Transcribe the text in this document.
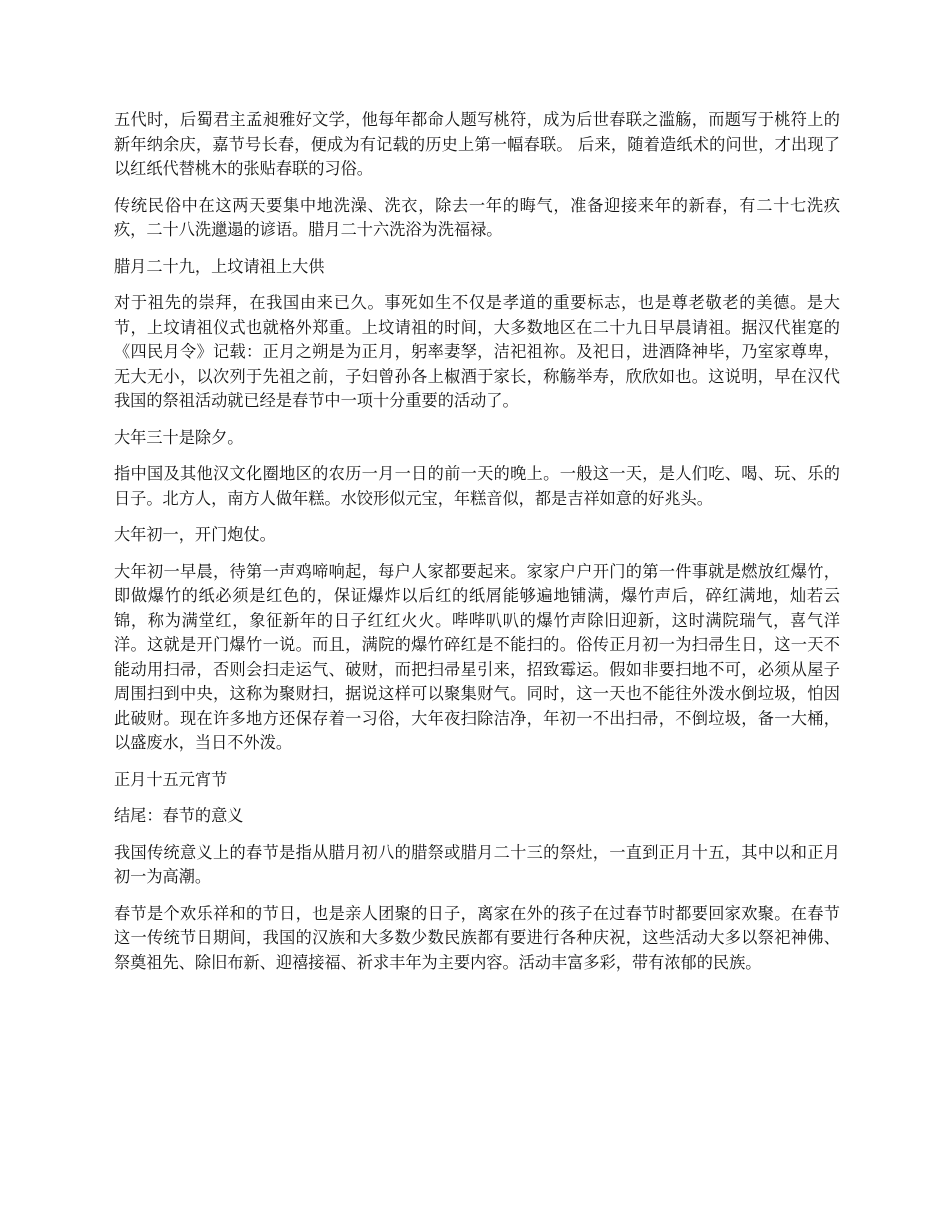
五代时，后蜀君主孟昶雅好文学，他每年都命人题写桃符，成为后世春联之滥觞，而题写于桃符上的新年纳余庆，嘉节号长春，便成为有记载的历史上第一幅春联。 后来，随着造纸术的问世，才出现了以红纸代替桃木的张贴春联的习俗。

传统民俗中在这两天要集中地洗澡、洗衣，除去一年的晦气，准备迎接来年的新春，有二十七洗疚疚，二十八洗邋遢的谚语。腊月二十六洗浴为洗福禄。

腊月二十九，上坟请祖上大供

对于祖先的崇拜，在我国由来已久。事死如生不仅是孝道的重要标志，也是尊老敬老的美德。是大节，上坟请祖仪式也就格外郑重。上坟请祖的时间，大多数地区在二十九日早晨请祖。据汉代崔寔的《四民月令》记载：正月之朔是为正月，躬率妻孥，洁祀祖祢。及祀日，进酒降神毕，乃室家尊卑，无大无小，以次列于先祖之前，子妇曾孙各上椒酒于家长，称觞举寿，欣欣如也。这说明，早在汉代我国的祭祖活动就已经是春节中一项十分重要的活动了。

大年三十是除夕。

指中国及其他汉文化圈地区的农历一月一日的前一天的晚上。一般这一天，是人们吃、喝、玩、乐的日子。北方人，南方人做年糕。水饺形似元宝，年糕音似，都是吉祥如意的好兆头。

大年初一，开门炮仗。

大年初一早晨，待第一声鸡啼响起，每户人家都要起来。家家户户开门的第一件事就是燃放红爆竹，即做爆竹的纸必须是红色的，保证爆炸以后红的纸屑能够遍地铺满，爆竹声后，碎红满地，灿若云锦，称为满堂红，象征新年的日子红红火火。哔哔叭叭的爆竹声除旧迎新，这时满院瑞气，喜气洋洋。这就是开门爆竹一说。而且，满院的爆竹碎红是不能扫的。俗传正月初一为扫帚生日，这一天不能动用扫帚，否则会扫走运气、破财，而把扫帚星引来，招致霉运。假如非要扫地不可，必须从屋子周围扫到中央，这称为聚财扫，据说这样可以聚集财气。同时，这一天也不能往外泼水倒垃圾，怕因此破财。现在许多地方还保存着一习俗，大年夜扫除洁净，年初一不出扫帚，不倒垃圾，备一大桶，以盛废水，当日不外泼。

正月十五元宵节

结尾：春节的意义

我国传统意义上的春节是指从腊月初八的腊祭或腊月二十三的祭灶，一直到正月十五，其中以和正月初一为高潮。

春节是个欢乐祥和的节日，也是亲人团聚的日子，离家在外的孩子在过春节时都要回家欢聚。在春节这一传统节日期间，我国的汉族和大多数少数民族都有要进行各种庆祝，这些活动大多以祭祀神佛、祭奠祖先、除旧布新、迎禧接福、祈求丰年为主要内容。活动丰富多彩，带有浓郁的民族。
